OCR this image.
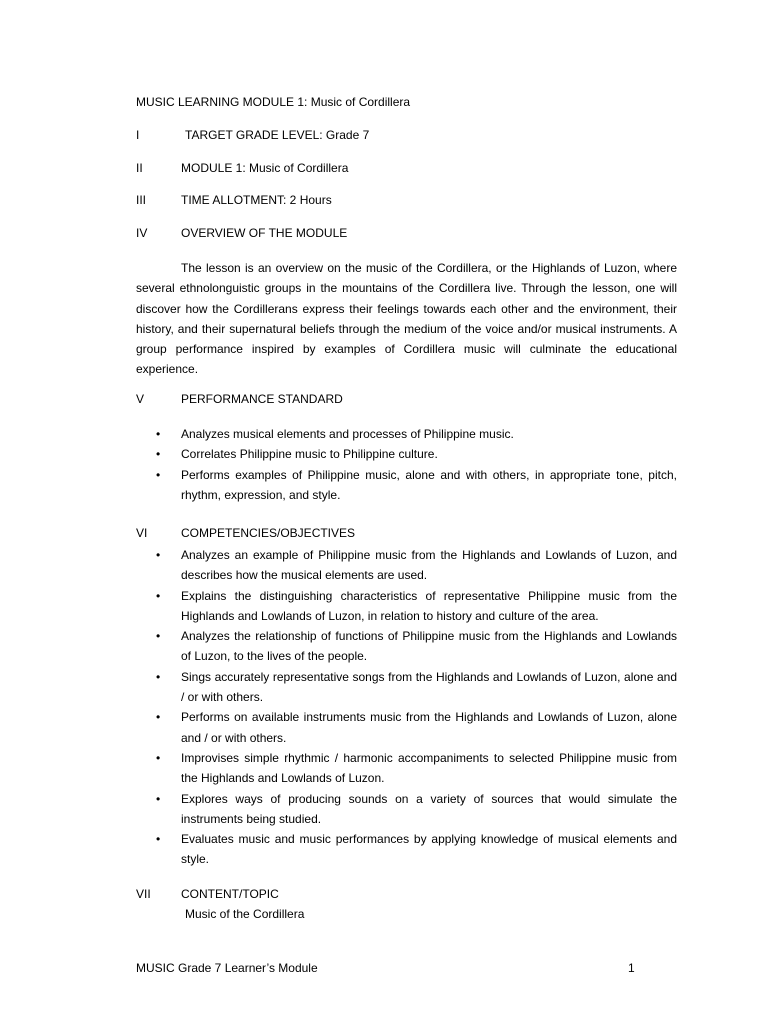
MUSIC LEARNING MODULE 1: Music of Cordillera
I	TARGET GRADE LEVEL: Grade 7
II	MODULE 1: Music of Cordillera
III	TIME ALLOTMENT: 2 Hours
IV	OVERVIEW OF THE MODULE
The lesson is an overview on the music of the Cordillera, or the Highlands of Luzon, where several ethnolonguistic groups in the mountains of the Cordillera live. Through the lesson, one will discover how the Cordillerans express their feelings towards each other and the environment, their history, and their supernatural beliefs through the medium of the voice and/or musical instruments. A group performance inspired by examples of Cordillera music will culminate the educational experience.
V	PERFORMANCE STANDARD
• Analyzes musical elements and processes of Philippine music.
• Correlates Philippine music to Philippine culture.
• Performs examples of Philippine music, alone and with others, in appropriate tone, pitch, rhythm, expression, and style.
VI	COMPETENCIES/OBJECTIVES
• Analyzes an example of Philippine music from the Highlands and Lowlands of Luzon, and describes how the musical elements are used.
• Explains the distinguishing characteristics of representative Philippine music from the Highlands and Lowlands of Luzon, in relation to history and culture of the area.
• Analyzes the relationship of functions of Philippine music from the Highlands and Lowlands of Luzon, to the lives of the people.
• Sings accurately representative songs from the Highlands and Lowlands of Luzon, alone and / or with others.
• Performs on available instruments music from the Highlands and Lowlands of Luzon, alone and / or with others.
• Improvises simple rhythmic / harmonic accompaniments to selected Philippine music from the Highlands and Lowlands of Luzon.
• Explores ways of producing sounds on a variety of sources that would simulate the instruments being studied.
• Evaluates music and music performances by applying knowledge of musical elements and style.
VII	CONTENT/TOPIC
Music of the Cordillera
MUSIC Grade 7 Learner’s Module	1
